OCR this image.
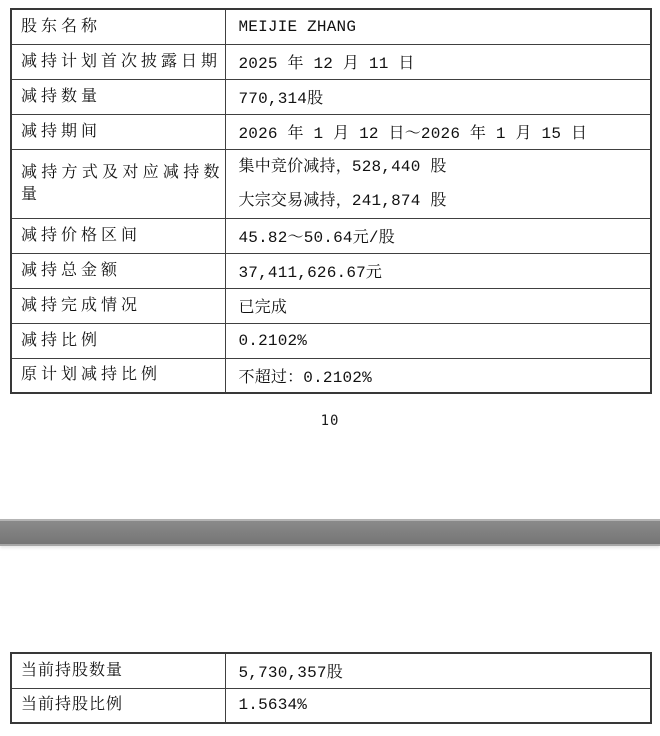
股东名称	MEIJIE ZHANG
减持计划首次披露日期	2025 年 12 月 11 日
减持数量	770,314股
减持期间	2026 年 1 月 12 日～2026 年 1 月 15 日
减持方式及对应减持数量	集中竞价减持，528,440 股
大宗交易减持，241,874 股

减持价格区间	45.82～50.64元/股
减持总金额	37,411,626.67元
减持完成情况	已完成
减持比例	0.2102%
原计划减持比例	不超过：0.2102%
10
当前持股数量	5,730,357股
当前持股比例	1.5634%
